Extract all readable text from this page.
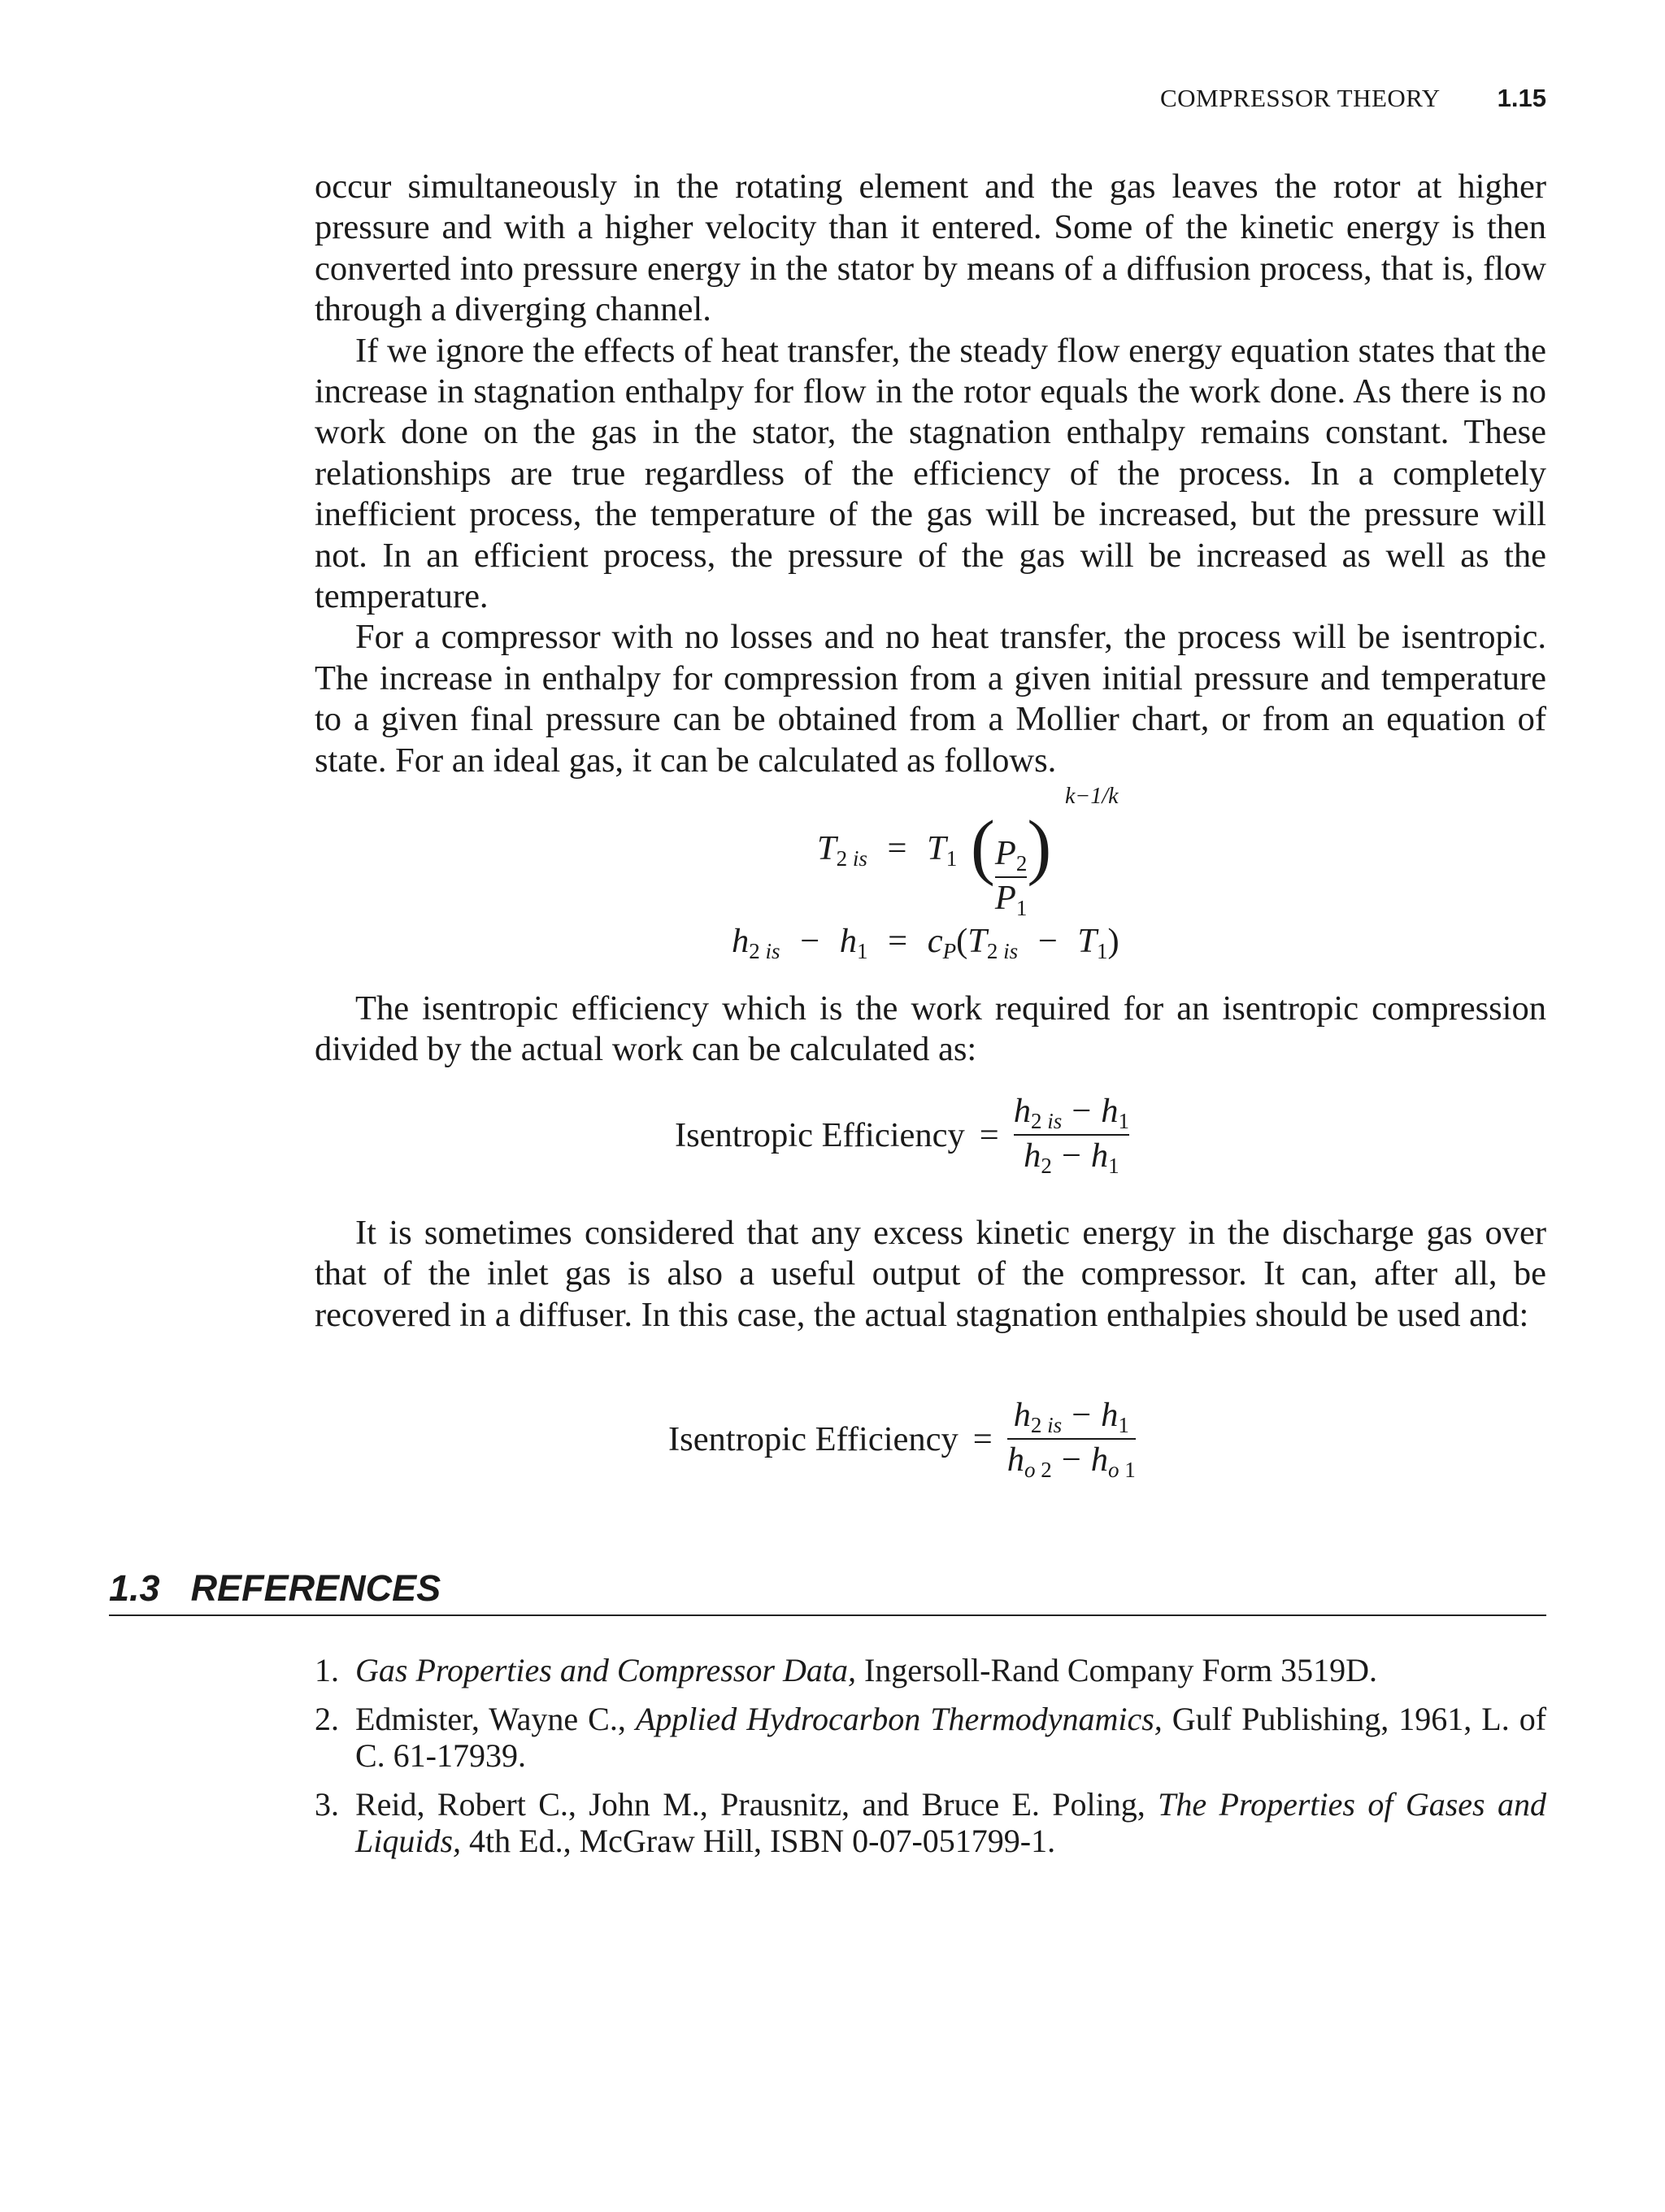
COMPRESSOR THEORY 1.15

occur simultaneously in the rotating element and the gas leaves the rotor at higher pressure and with a higher velocity than it entered. Some of the kinetic energy is then converted into pressure energy in the stator by means of a diffusion process, that is, flow through a diverging channel.

If we ignore the effects of heat transfer, the steady flow energy equation states that the increase in stagnation enthalpy for flow in the rotor equals the work done. As there is no work done on the gas in the stator, the stagnation enthalpy remains constant. These relationships are true regardless of the efficiency of the process. In a completely inefficient process, the temperature of the gas will be increased, but the pressure will not. In an efficient process, the pressure of the gas will be increased as well as the temperature.

For a compressor with no losses and no heat transfer, the process will be isentropic. The increase in enthalpy for compression from a given initial pressure and temperature to a given final pressure can be obtained from a Mollier chart, or from an equation of state. For an ideal gas, it can be calculated as follows.

$T_{2 is} = T_1$ ( $\frac{P_2}{P_1}$ )
k−1/k
$h_{2 is} - h_1 = c_P(T_{2 is} - T_1)$

The isentropic efficiency which is the work required for an isentropic compression divided by the actual work can be calculated as:

Isentropic Efficiency = $\frac{h_{2 is} - h_1}{h_2 - h_1}$

It is sometimes considered that any excess kinetic energy in the discharge gas over that of the inlet gas is also a useful output of the compressor. It can, after all, be recovered in a diffuser. In this case, the actual stagnation enthalpies should be used and:

Isentropic Efficiency = $\frac{h_{2 is} - h_1}{h_{o 2} - h_{o 1}}$
1.3 REFERENCES
1. Gas Properties and Compressor Data, Ingersoll-Rand Company Form 3519D.
2. Edmister, Wayne C., Applied Hydrocarbon Thermodynamics, Gulf Publishing, 1961, L. of C. 61-17939.
3. Reid, Robert C., John M., Prausnitz, and Bruce E. Poling, The Properties of Gases and Liquids, 4th Ed., McGraw Hill, ISBN 0-07-051799-1.
